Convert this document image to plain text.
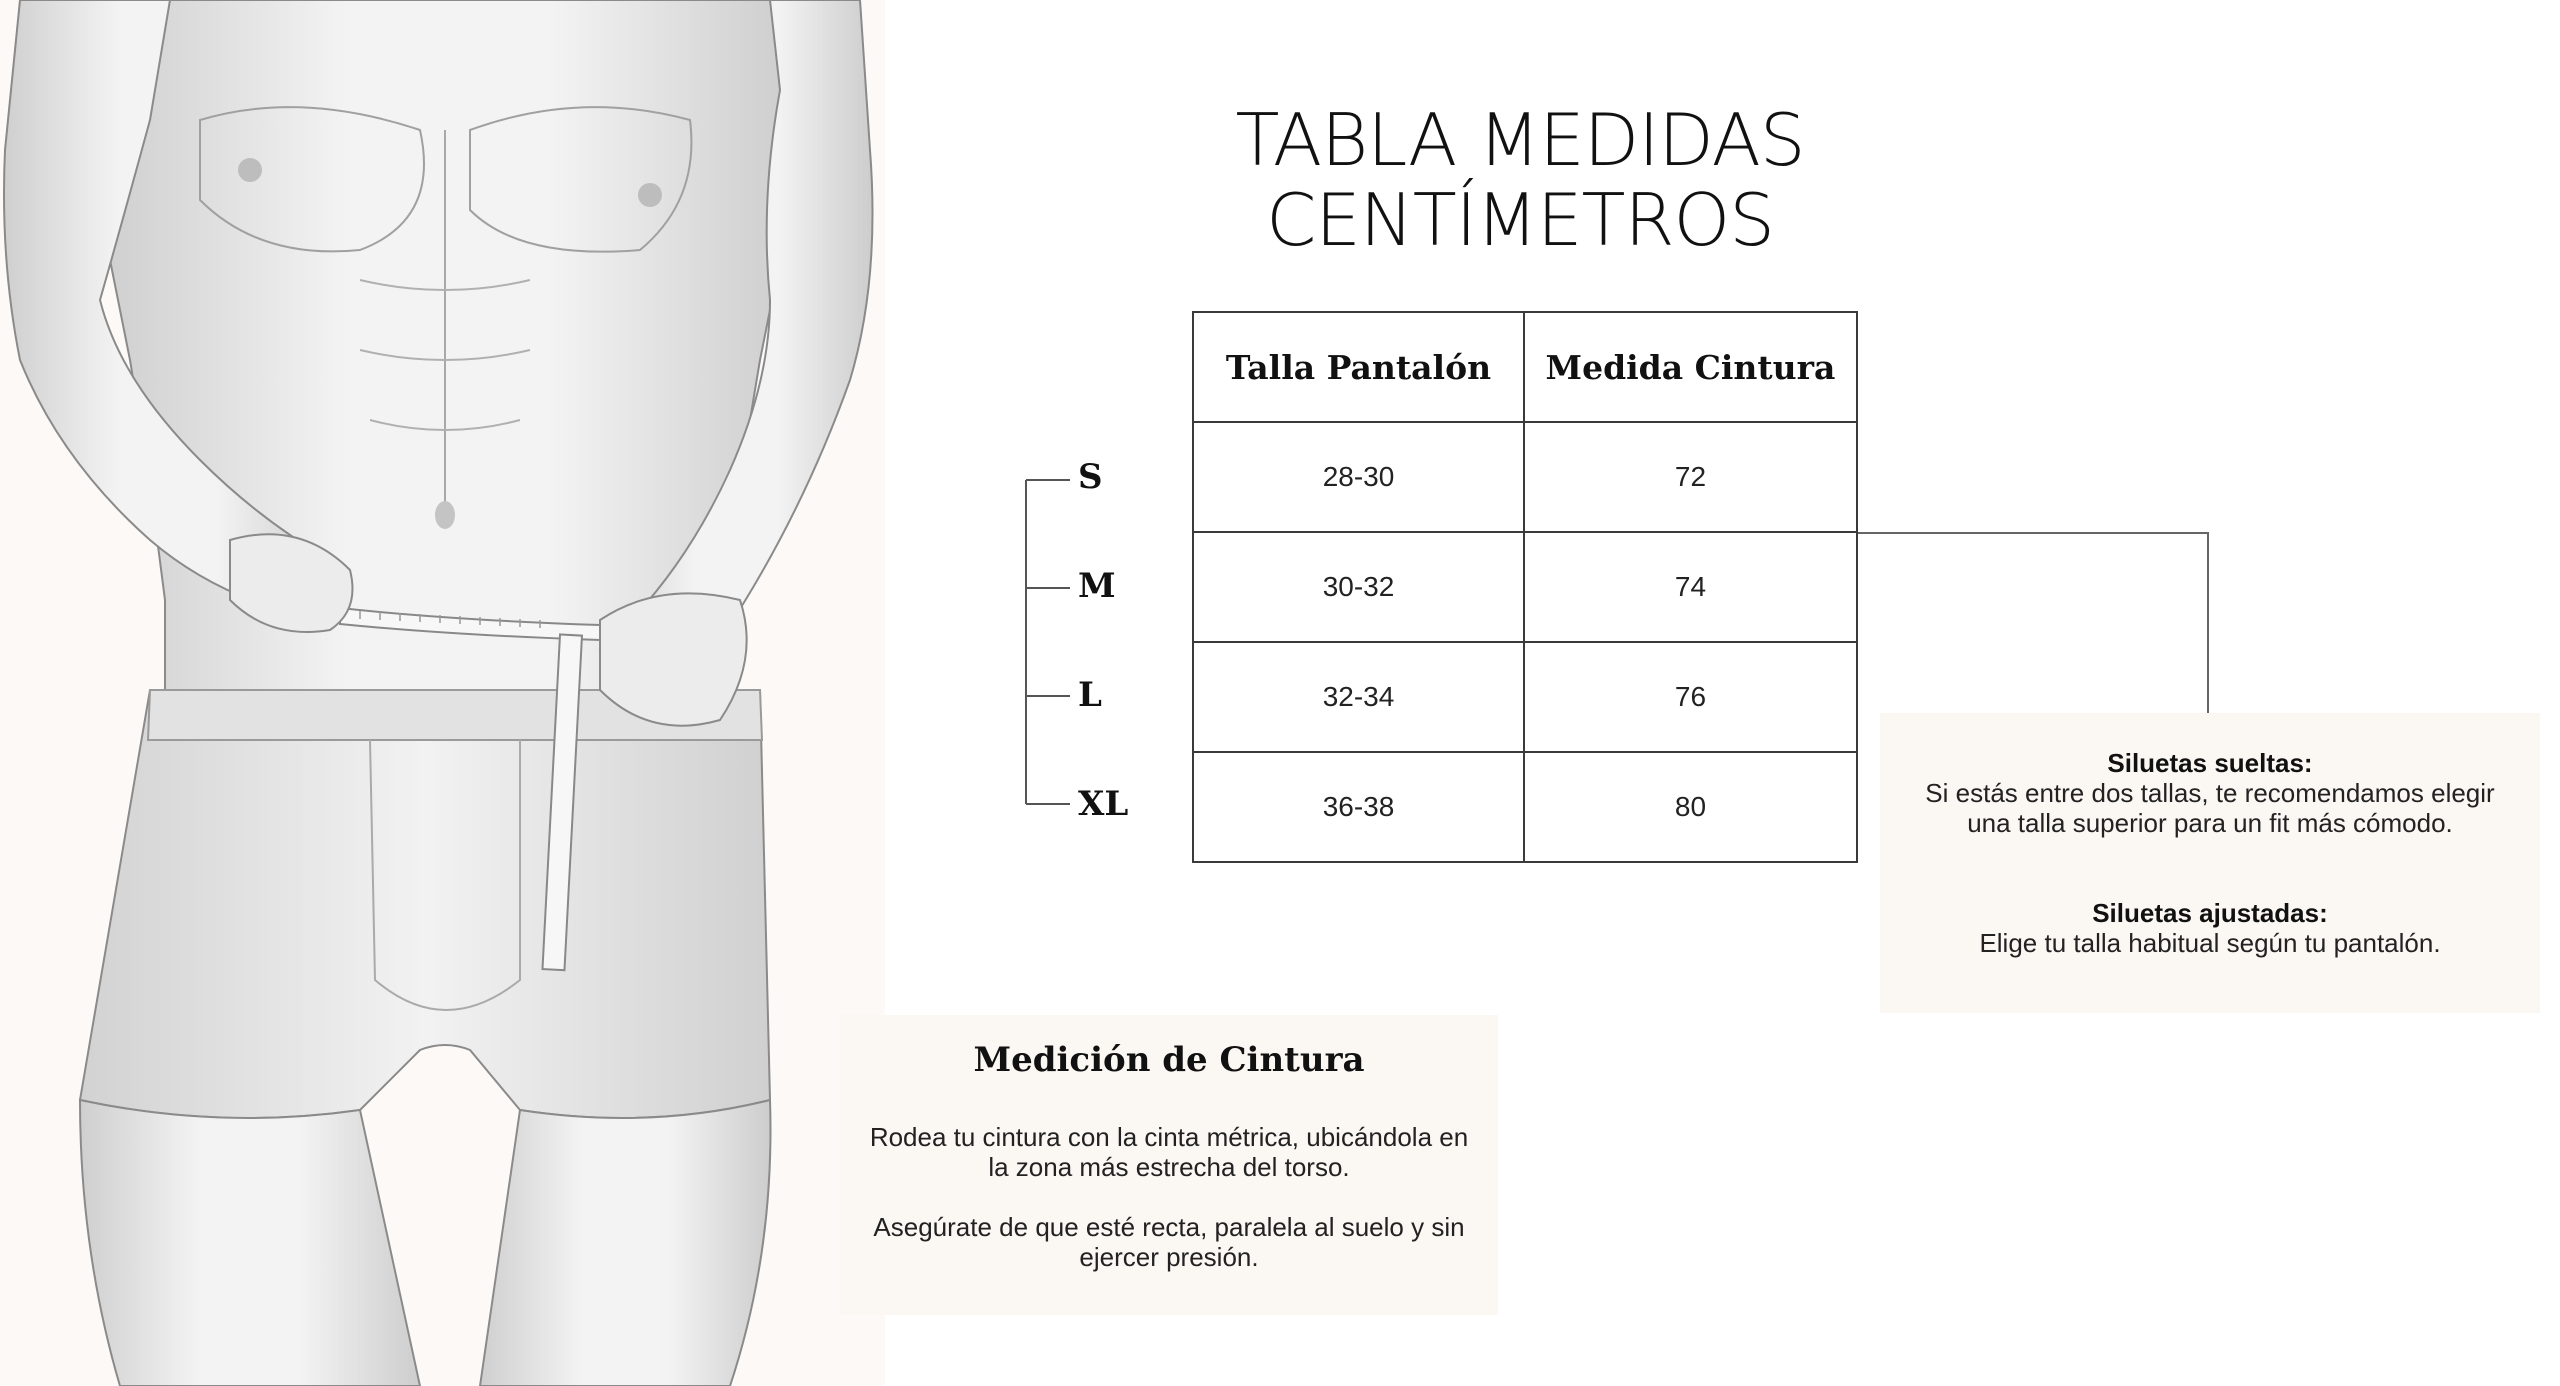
TABLA MEDIDAS
CENTÍMETROS
S
M
L
XL
Talla Pantalón	Medida Cintura
28-30	72
30-32	74
32-34	76
36-38	80
Siluetas sueltas:
Si estás entre dos tallas, te recomendamos elegir una talla superior para un fit más cómodo.
Siluetas ajustadas:
Elige tu talla habitual según tu pantalón.
Medición de Cintura
Rodea tu cintura con la cinta métrica, ubicándola en la zona más estrecha del torso.
Asegúrate de que esté recta, paralela al suelo y sin ejercer presión.
